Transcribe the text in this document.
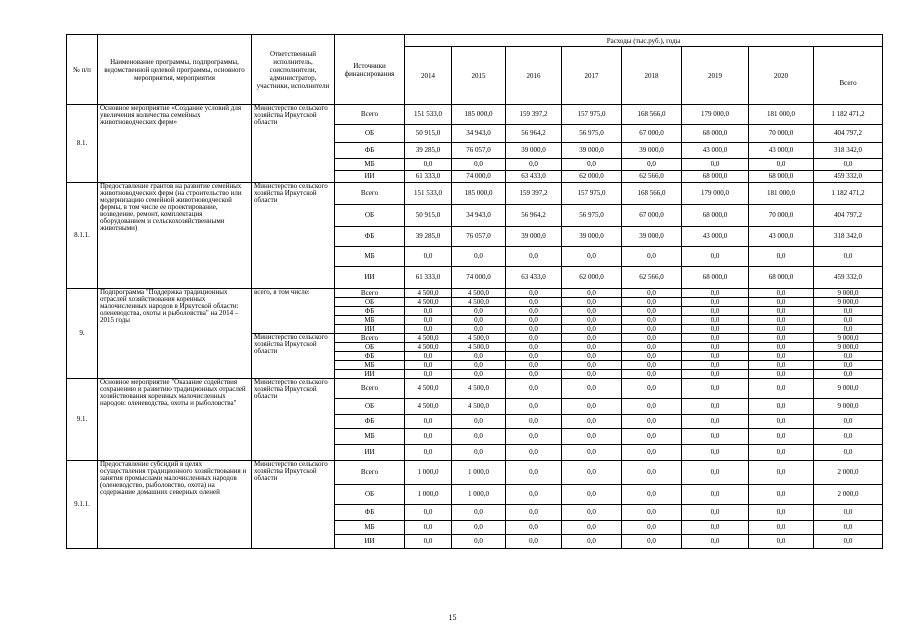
№ п/п	Наименование программы, подпрограммы, ведомственной целевой программы, основного мероприятия, мероприятия	Ответственный исполнитель, соисполнители, администратор, участники, исполнители	Источники финансирования	Расходы (тыс.руб.), годы							
				2014	2015	2016	2017	2018	2019	2020	Всего
8.1.	Основное мероприятие «Создание условий для увеличения количества семейных животноводческих ферм»	Министерство сельского хозяйства Иркутской области	Всего	151 533,0	185 000,0	159 397,2	157 975,0	168 566,0	179 000,0	181 000,0	1 182 471,2
			ОБ	50 915,0	34 943,0	56 964,2	56 975,0	67 000,0	68 000,0	70 000,0	404 797,2
			ФБ	39 285,0	76 057,0	39 000,0	39 000,0	39 000,0	43 000,0	43 000,0	318 342,0
			МБ	0,0	0,0	0,0	0,0	0,0	0,0	0,0	0,0
			ИИ	61 333,0	74 000,0	63 433,0	62 000,0	62 566,0	68 000,0	68 000,0	459 332,0
8.1.1.	Предоставление грантов на развитие семейных животноводческих ферм (на строительство или модернизацию семейной животноводческой фермы, в том числе ее проектирование, возведение, ремонт, комплектация оборудованием и сельскохозяйственными животными)	Министерство сельского хозяйства Иркутской области	Всего	151 533,0	185 000,0	159 397,2	157 975,0	168 566,0	179 000,0	181 000,0	1 182 471,2
			ОБ	50 915,0	34 943,0	56 964,2	56 975,0	67 000,0	68 000,0	70 000,0	404 797,2
			ФБ	39 285,0	76 057,0	39 000,0	39 000,0	39 000,0	43 000,0	43 000,0	318 342,0
			МБ	0,0	0,0	0,0	0,0	0,0	0,0	0,0	0,0
			ИИ	61 333,0	74 000,0	63 433,0	62 000,0	62 566,0	68 000,0	68 000,0	459 332,0
9.	Подпрограмма "Поддержка традиционных отраслей хозяйствования коренных малочисленных народов в Иркутской области: оленеводства, охоты и рыболовства" на 2014 – 2015 годы	всего, в том числе:	Всего	4 500,0	4 500,0	0,0	0,0	0,0	0,0	0,0	9 000,0
			ОБ	4 500,0	4 500,0	0,0	0,0	0,0	0,0	0,0	9 000,0
			ФБ	0,0	0,0	0,0	0,0	0,0	0,0	0,0	0,0
			МБ	0,0	0,0	0,0	0,0	0,0	0,0	0,0	0,0
			ИИ	0,0	0,0	0,0	0,0	0,0	0,0	0,0	0,0

		Министерство сельского хозяйства Иркутской области	Всего	4 500,0	4 500,0	0,0	0,0	0,0	0,0	0,0	9 000,0
			ОБ	4 500,0	4 500,0	0,0	0,0	0,0	0,0	0,0	9 000,0
			ФБ	0,0	0,0	0,0	0,0	0,0	0,0	0,0	0,0
			МБ	0,0	0,0	0,0	0,0	0,0	0,0	0,0	0,0
			ИИ	0,0	0,0	0,0	0,0	0,0	0,0	0,0	0,0
9.1.	Основное мероприятие "Оказание содействия сохранению и развитию традиционных отраслей хозяйствования коренных малочисленных народов: оленеводства, охоты и рыболовства"	Министерство сельского хозяйства Иркутской области	Всего	4 500,0	4 500,0	0,0	0,0	0,0	0,0	0,0	9 000,0
			ОБ	4 500,0	4 500,0	0,0	0,0	0,0	0,0	0,0	9 000,0
			ФБ	0,0	0,0	0,0	0,0	0,0	0,0	0,0	0,0
			МБ	0,0	0,0	0,0	0,0	0,0	0,0	0,0	0,0
			ИИ	0,0	0,0	0,0	0,0	0,0	0,0	0,0	0,0
9.1.1.	Предоставление субсидий в целях осуществления традиционного хозяйствования и занятия промыслами малочисленных народов (оленеводство, рыболовство, охота) на содержание домашних северных оленей	Министерство сельского хозяйства Иркутской области	Всего	1 000,0	1 000,0	0,0	0,0	0,0	0,0	0,0	2 000,0
			ОБ	1 000,0	1 000,0	0,0	0,0	0,0	0,0	0,0	2 000,0
			ФБ	0,0	0,0	0,0	0,0	0,0	0,0	0,0	0,0
			МБ	0,0	0,0	0,0	0,0	0,0	0,0	0,0	0,0
			ИИ	0,0	0,0	0,0	0,0	0,0	0,0	0,0	0,0
15
